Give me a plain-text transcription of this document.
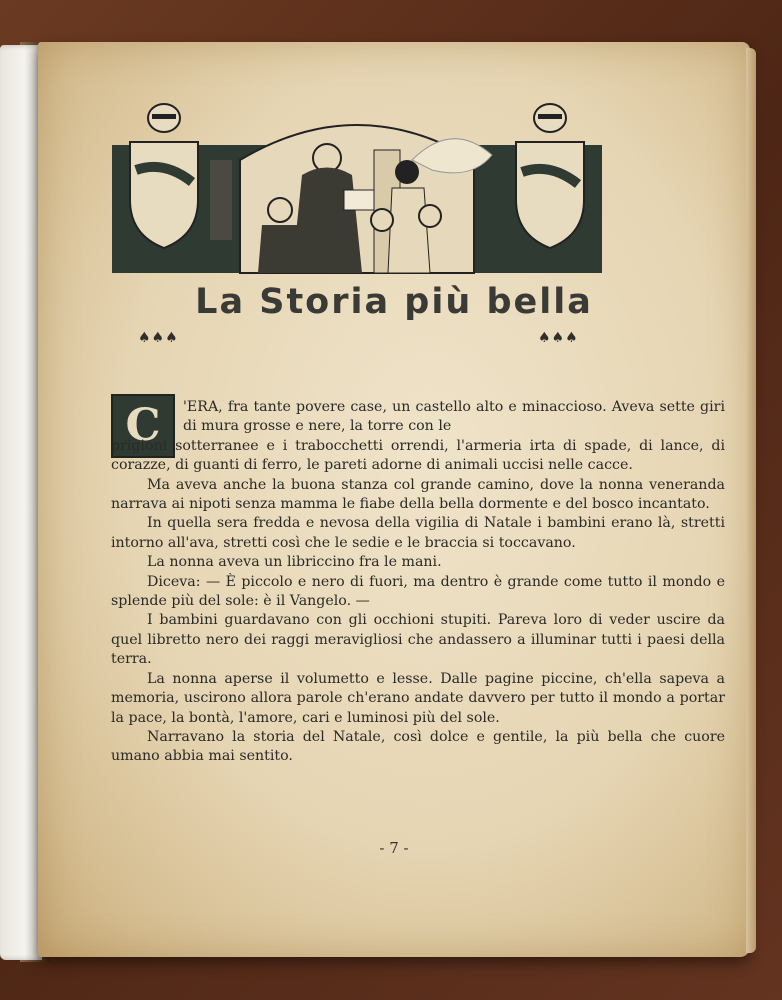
La Storia più bella
♠♠♠	♠♠♠
C	'ERA, fra tante povere case, un castello alto e minaccioso. Aveva sette giri di mura grosse e nere, la torre con le
prigioni sotterranee e i trabocchetti orrendi, l'armeria irta di spade, di lance, di corazze, di guanti di ferro, le pareti adorne di animali uccisi nelle cacce.

Ma aveva anche la buona stanza col grande camino, dove la nonna veneranda narrava ai nipoti senza mamma le fiabe della bella dormente e del bosco incantato.

In quella sera fredda e nevosa della vigilia di Natale i bambini erano là, stretti intorno all'ava, stretti così che le sedie e le braccia si toccavano.

La nonna aveva un libriccino fra le mani.

Diceva: — È piccolo e nero di fuori, ma dentro è grande come tutto il mondo e splende più del sole: è il Vangelo. —

I bambini guardavano con gli occhioni stupiti. Pareva loro di veder uscire da quel libretto nero dei raggi meravigliosi che andassero a illuminar tutti i paesi della terra.

La nonna aperse il volumetto e lesse. Dalle pagine piccine, ch'ella sapeva a memoria, uscirono allora parole ch'erano andate davvero per tutto il mondo a portar la pace, la bontà, l'amore, cari e luminosi più del sole.

Narravano la storia del Natale, così dolce e gentile, la più bella che cuore umano abbia mai sentito.

- 7 -
